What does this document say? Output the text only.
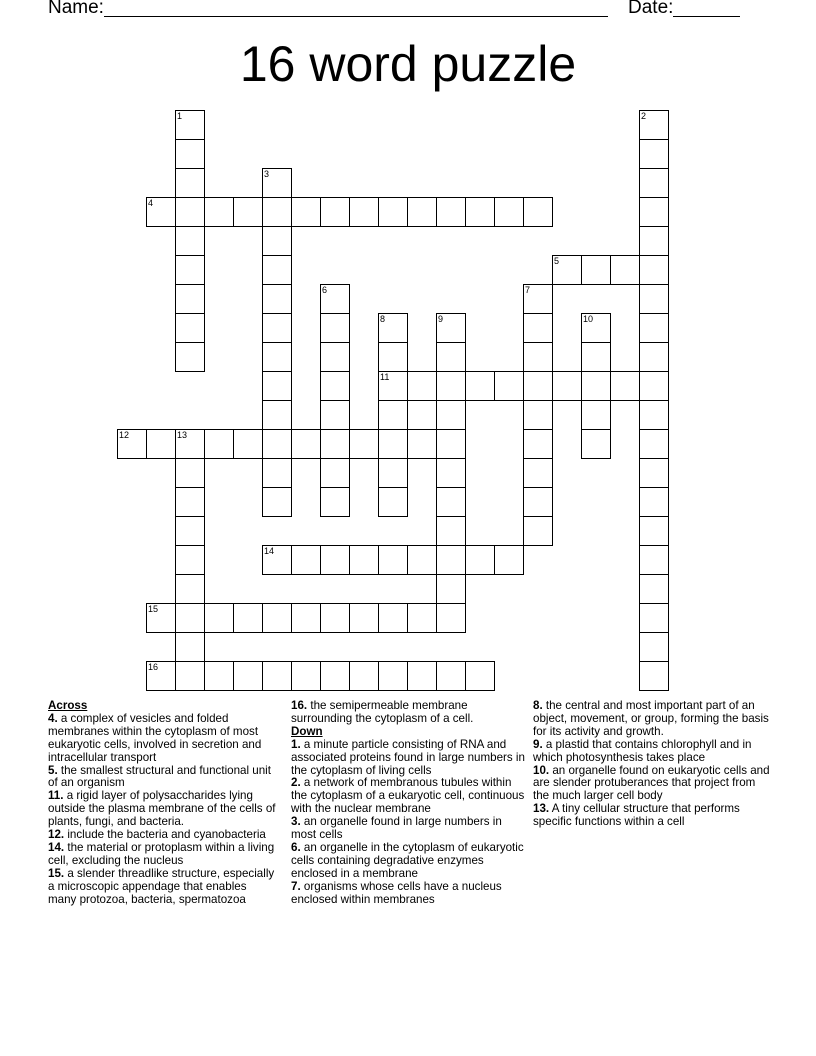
Name:	Date:
16 word puzzle
1	2
3
4
5
6	7
8
11
9	10
12	13
14
15
16
Across
4. a complex of vesicles and folded membranes within the cytoplasm of most eukaryotic cells, involved in secretion and intracellular transport
5. the smallest structural and functional unit of an organism
11. a rigid layer of polysaccharides lying outside the plasma membrane of the cells of plants, fungi, and bacteria.
12. include the bacteria and cyanobacteria
14. the material or protoplasm within a living cell, excluding the nucleus
15. a slender threadlike structure, especially a microscopic appendage that enables many protozoa, bacteria, spermatozoa
16. the semipermeable membrane surrounding the cytoplasm of a cell.
Down
1. a minute particle consisting of RNA and associated proteins found in large numbers in the cytoplasm of living cells
2. a network of membranous tubules within the cytoplasm of a eukaryotic cell, continuous with the nuclear membrane
3. an organelle found in large numbers in most cells
6. an organelle in the cytoplasm of eukaryotic cells containing degradative enzymes enclosed in a membrane
7. organisms whose cells have a nucleus enclosed within membranes
8. the central and most important part of an object, movement, or group, forming the basis for its activity and growth.
9. a plastid that contains chlorophyll and in which photosynthesis takes place
10. an organelle found on eukaryotic cells and are slender protuberances that project from the much larger cell body
13. A tiny cellular structure that performs specific functions within a cell
